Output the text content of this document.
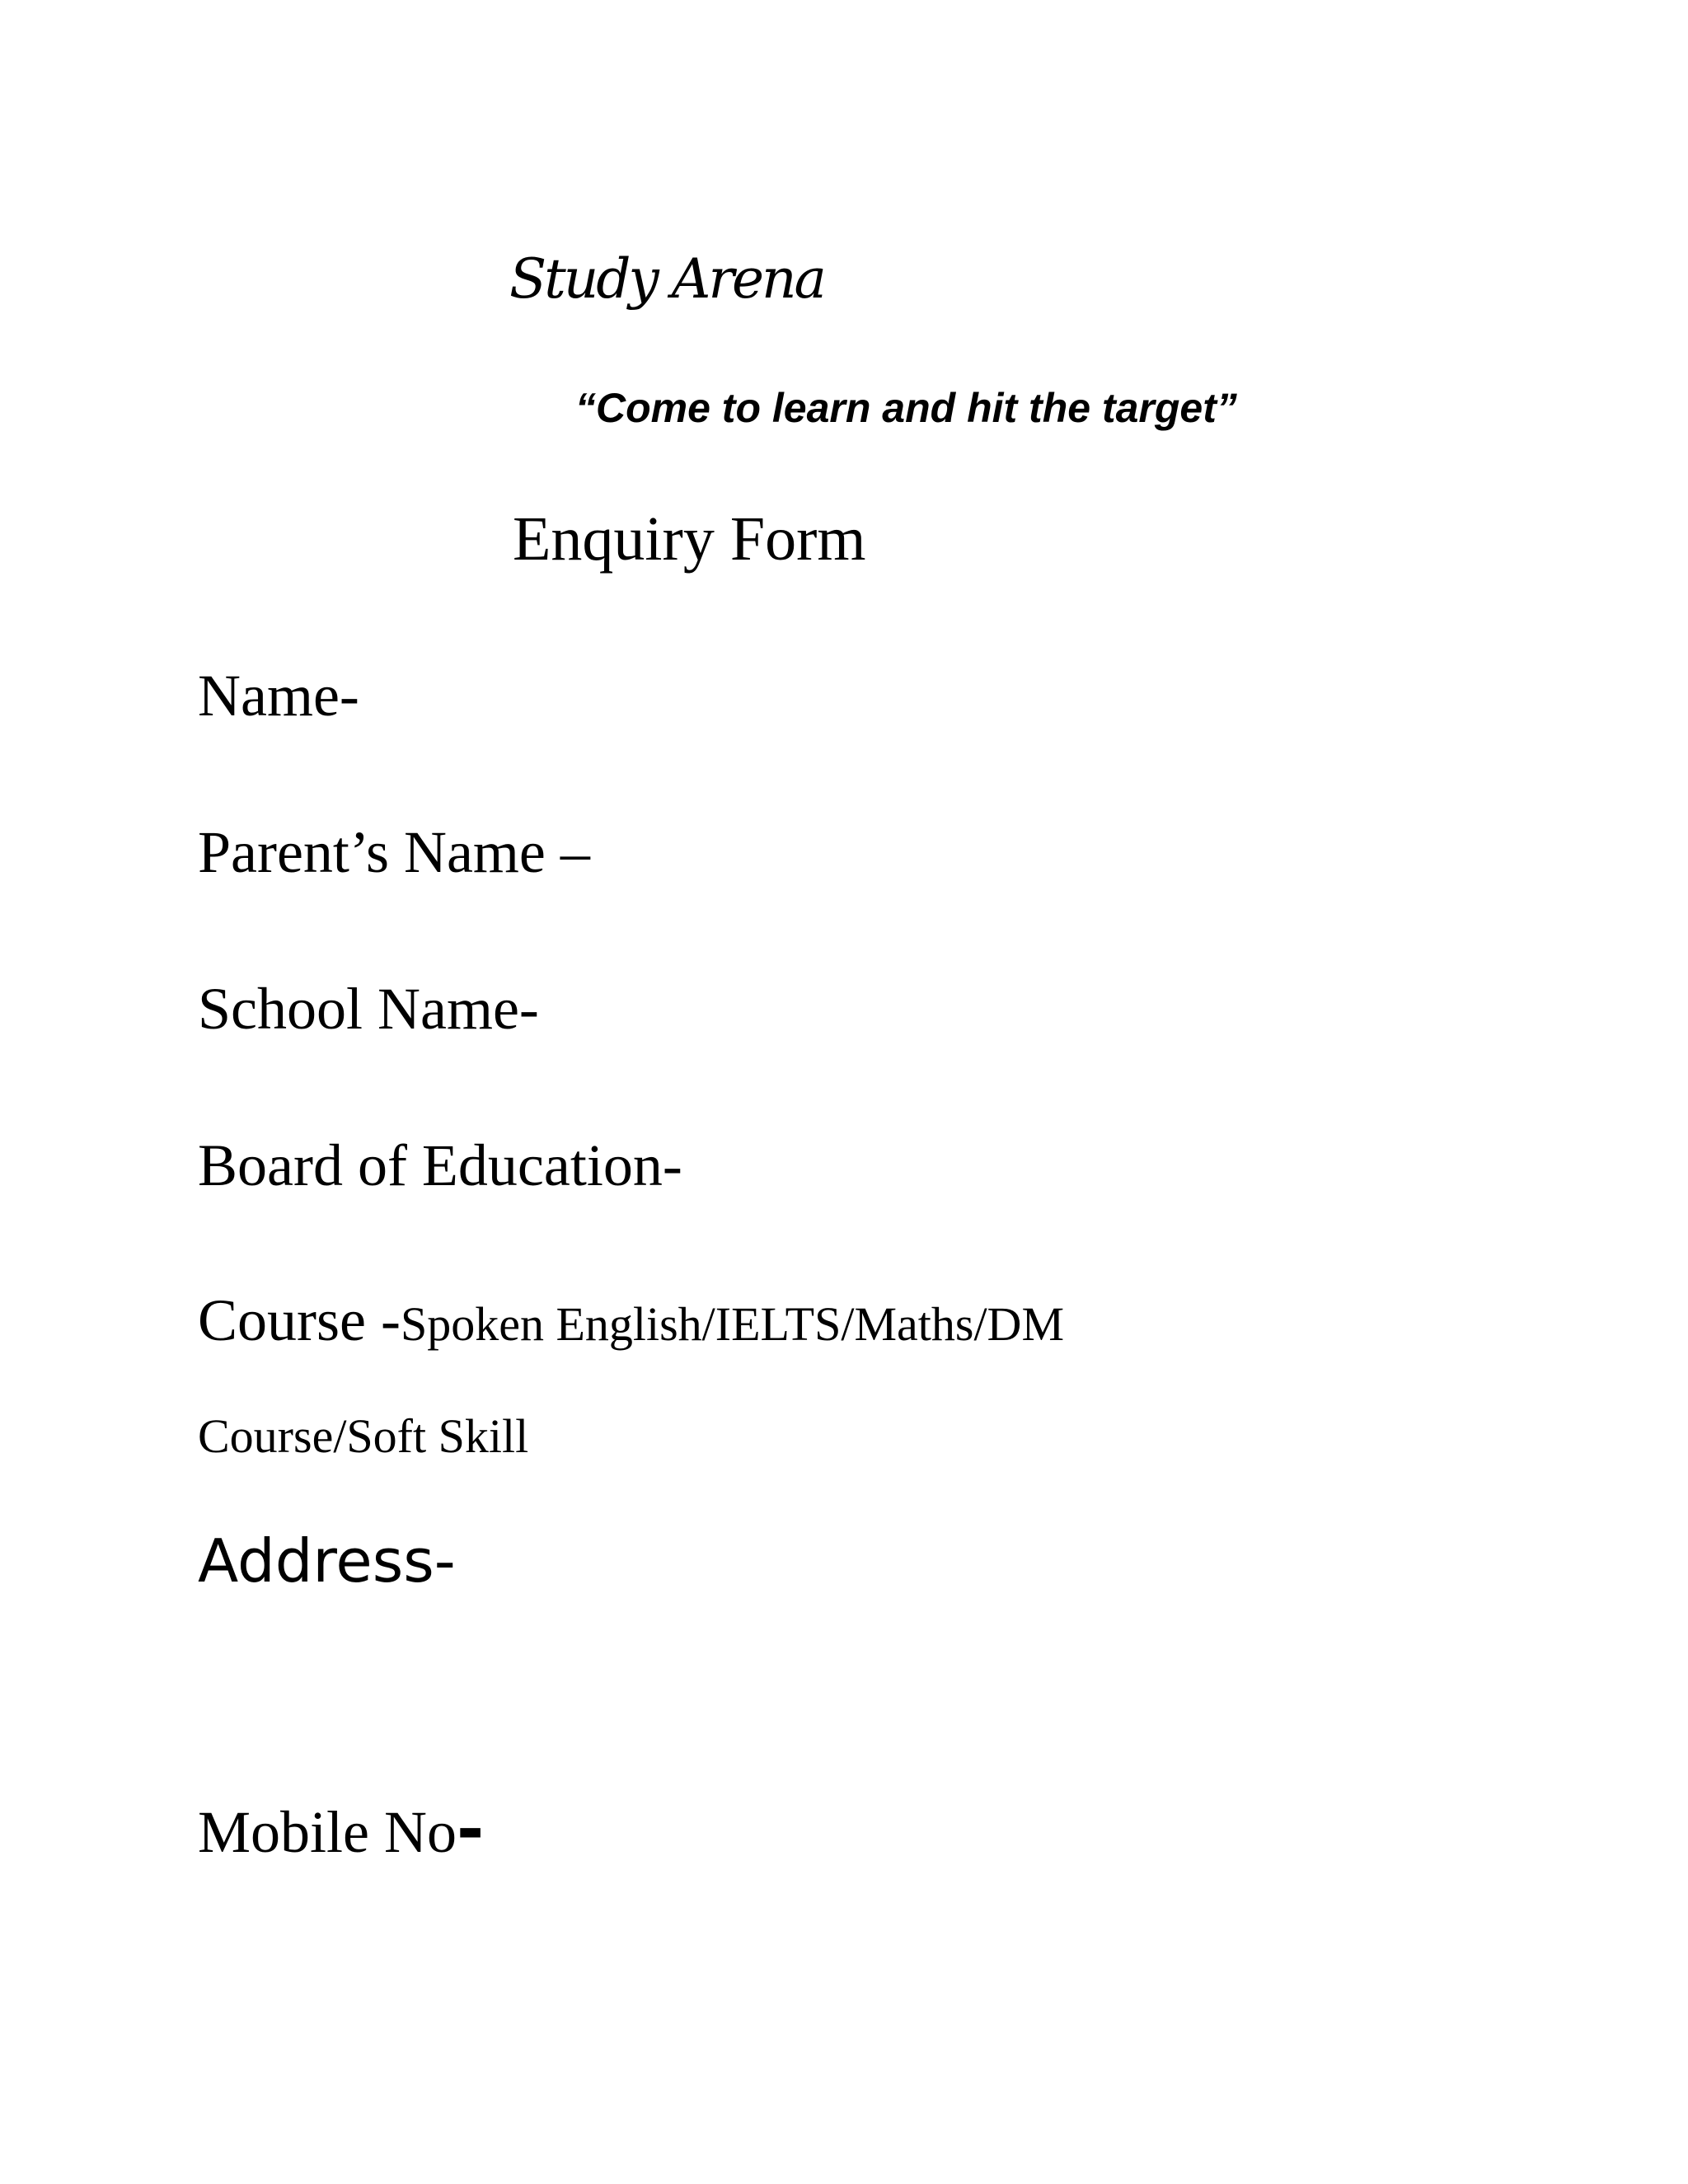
Study Arena
“Come to learn and hit the target”
Enquiry Form
Name-
Parent’s Name –
School Name-
Board of Education-
Course -Spoken English/IELTS/Maths/DM
Course/Soft Skill
Address-
Mobile No-
